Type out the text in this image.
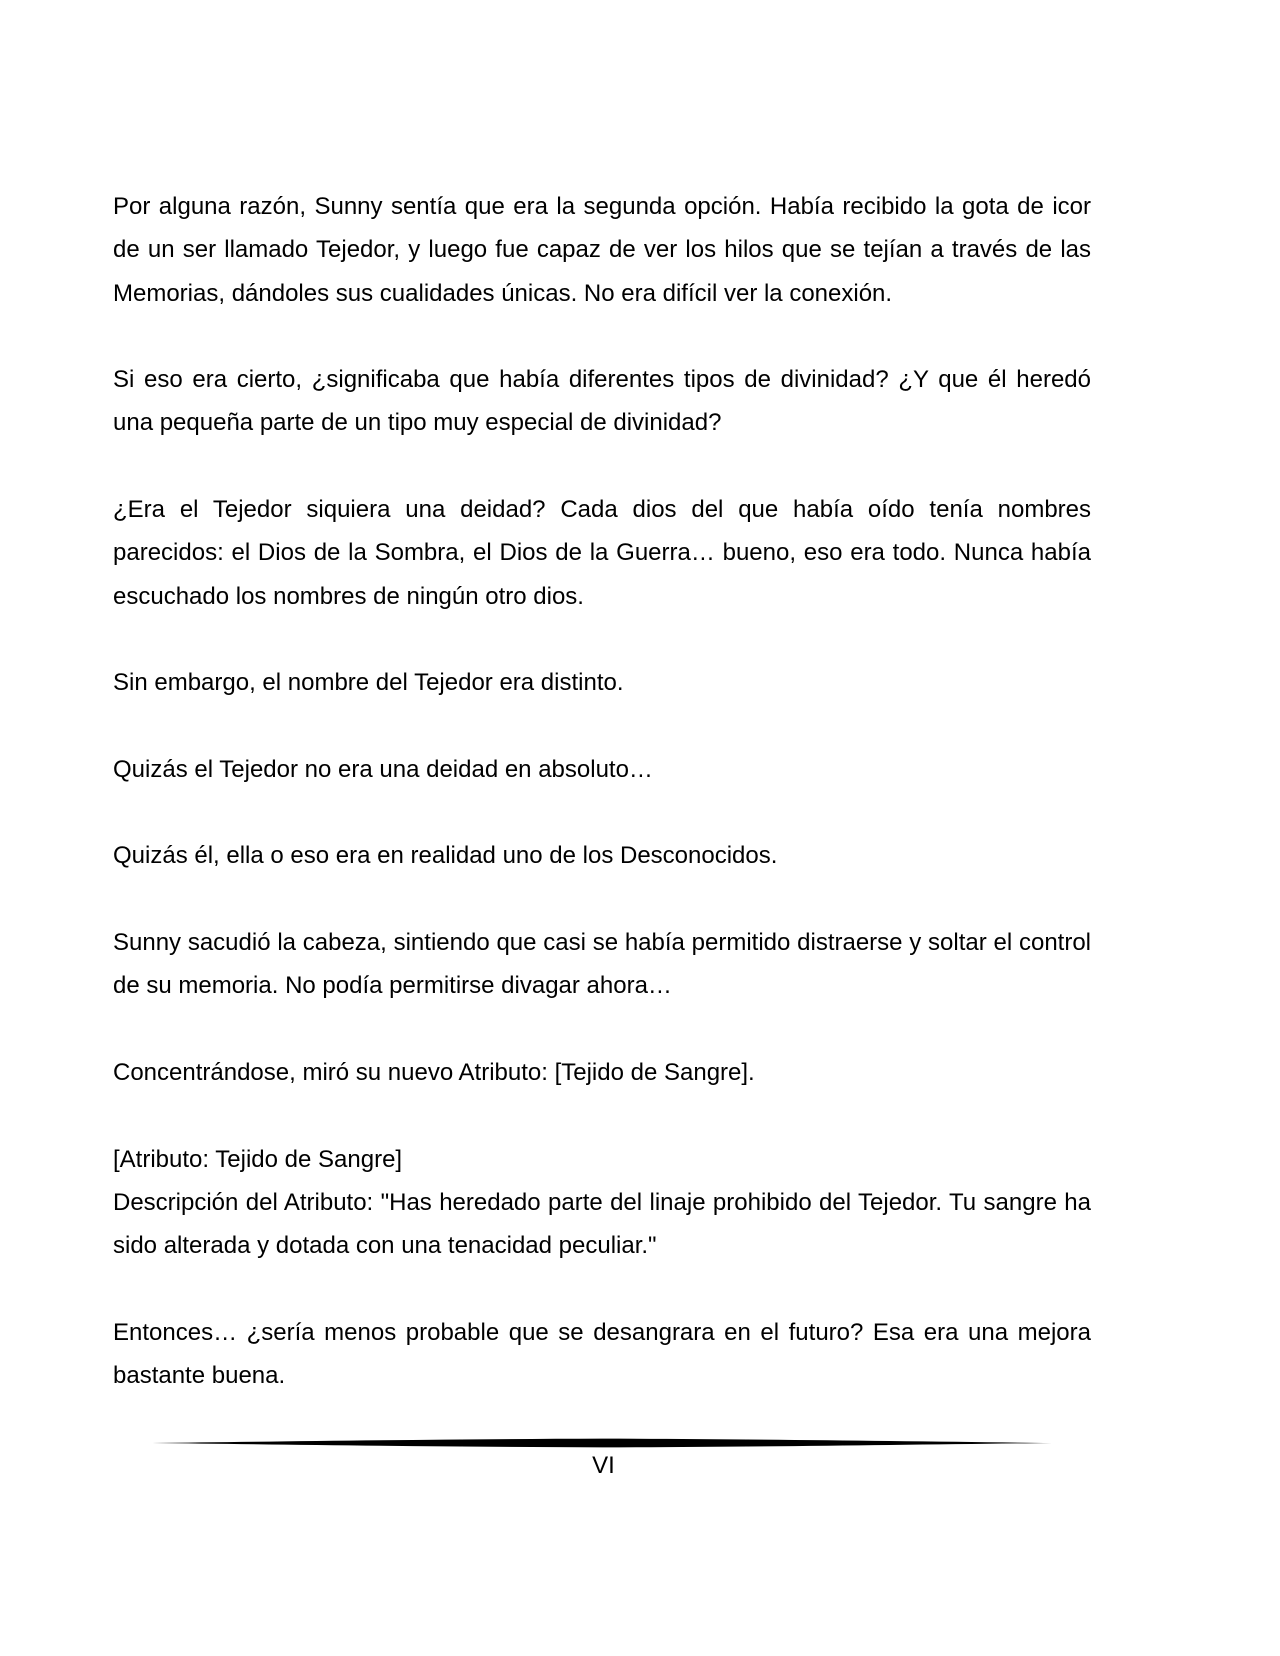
Por alguna razón, Sunny sentía que era la segunda opción. Había recibido la gota de icor de un ser llamado Tejedor, y luego fue capaz de ver los hilos que se tejían a través de las Memorias, dándoles sus cualidades únicas. No era difícil ver la conexión.

Si eso era cierto, ¿significaba que había diferentes tipos de divinidad? ¿Y que él heredó una pequeña parte de un tipo muy especial de divinidad?

¿Era el Tejedor siquiera una deidad? Cada dios del que había oído tenía nombres parecidos: el Dios de la Sombra, el Dios de la Guerra… bueno, eso era todo. Nunca había escuchado los nombres de ningún otro dios.

Sin embargo, el nombre del Tejedor era distinto.

Quizás el Tejedor no era una deidad en absoluto…

Quizás él, ella o eso era en realidad uno de los Desconocidos.

Sunny sacudió la cabeza, sintiendo que casi se había permitido distraerse y soltar el control de su memoria. No podía permitirse divagar ahora…

Concentrándose, miró su nuevo Atributo: [Tejido de Sangre].

[Atributo: Tejido de Sangre]

Descripción del Atributo: "Has heredado parte del linaje prohibido del Tejedor. Tu sangre ha sido alterada y dotada con una tenacidad peculiar."

Entonces… ¿sería menos probable que se desangrara en el futuro? Esa era una mejora bastante buena.

VI
